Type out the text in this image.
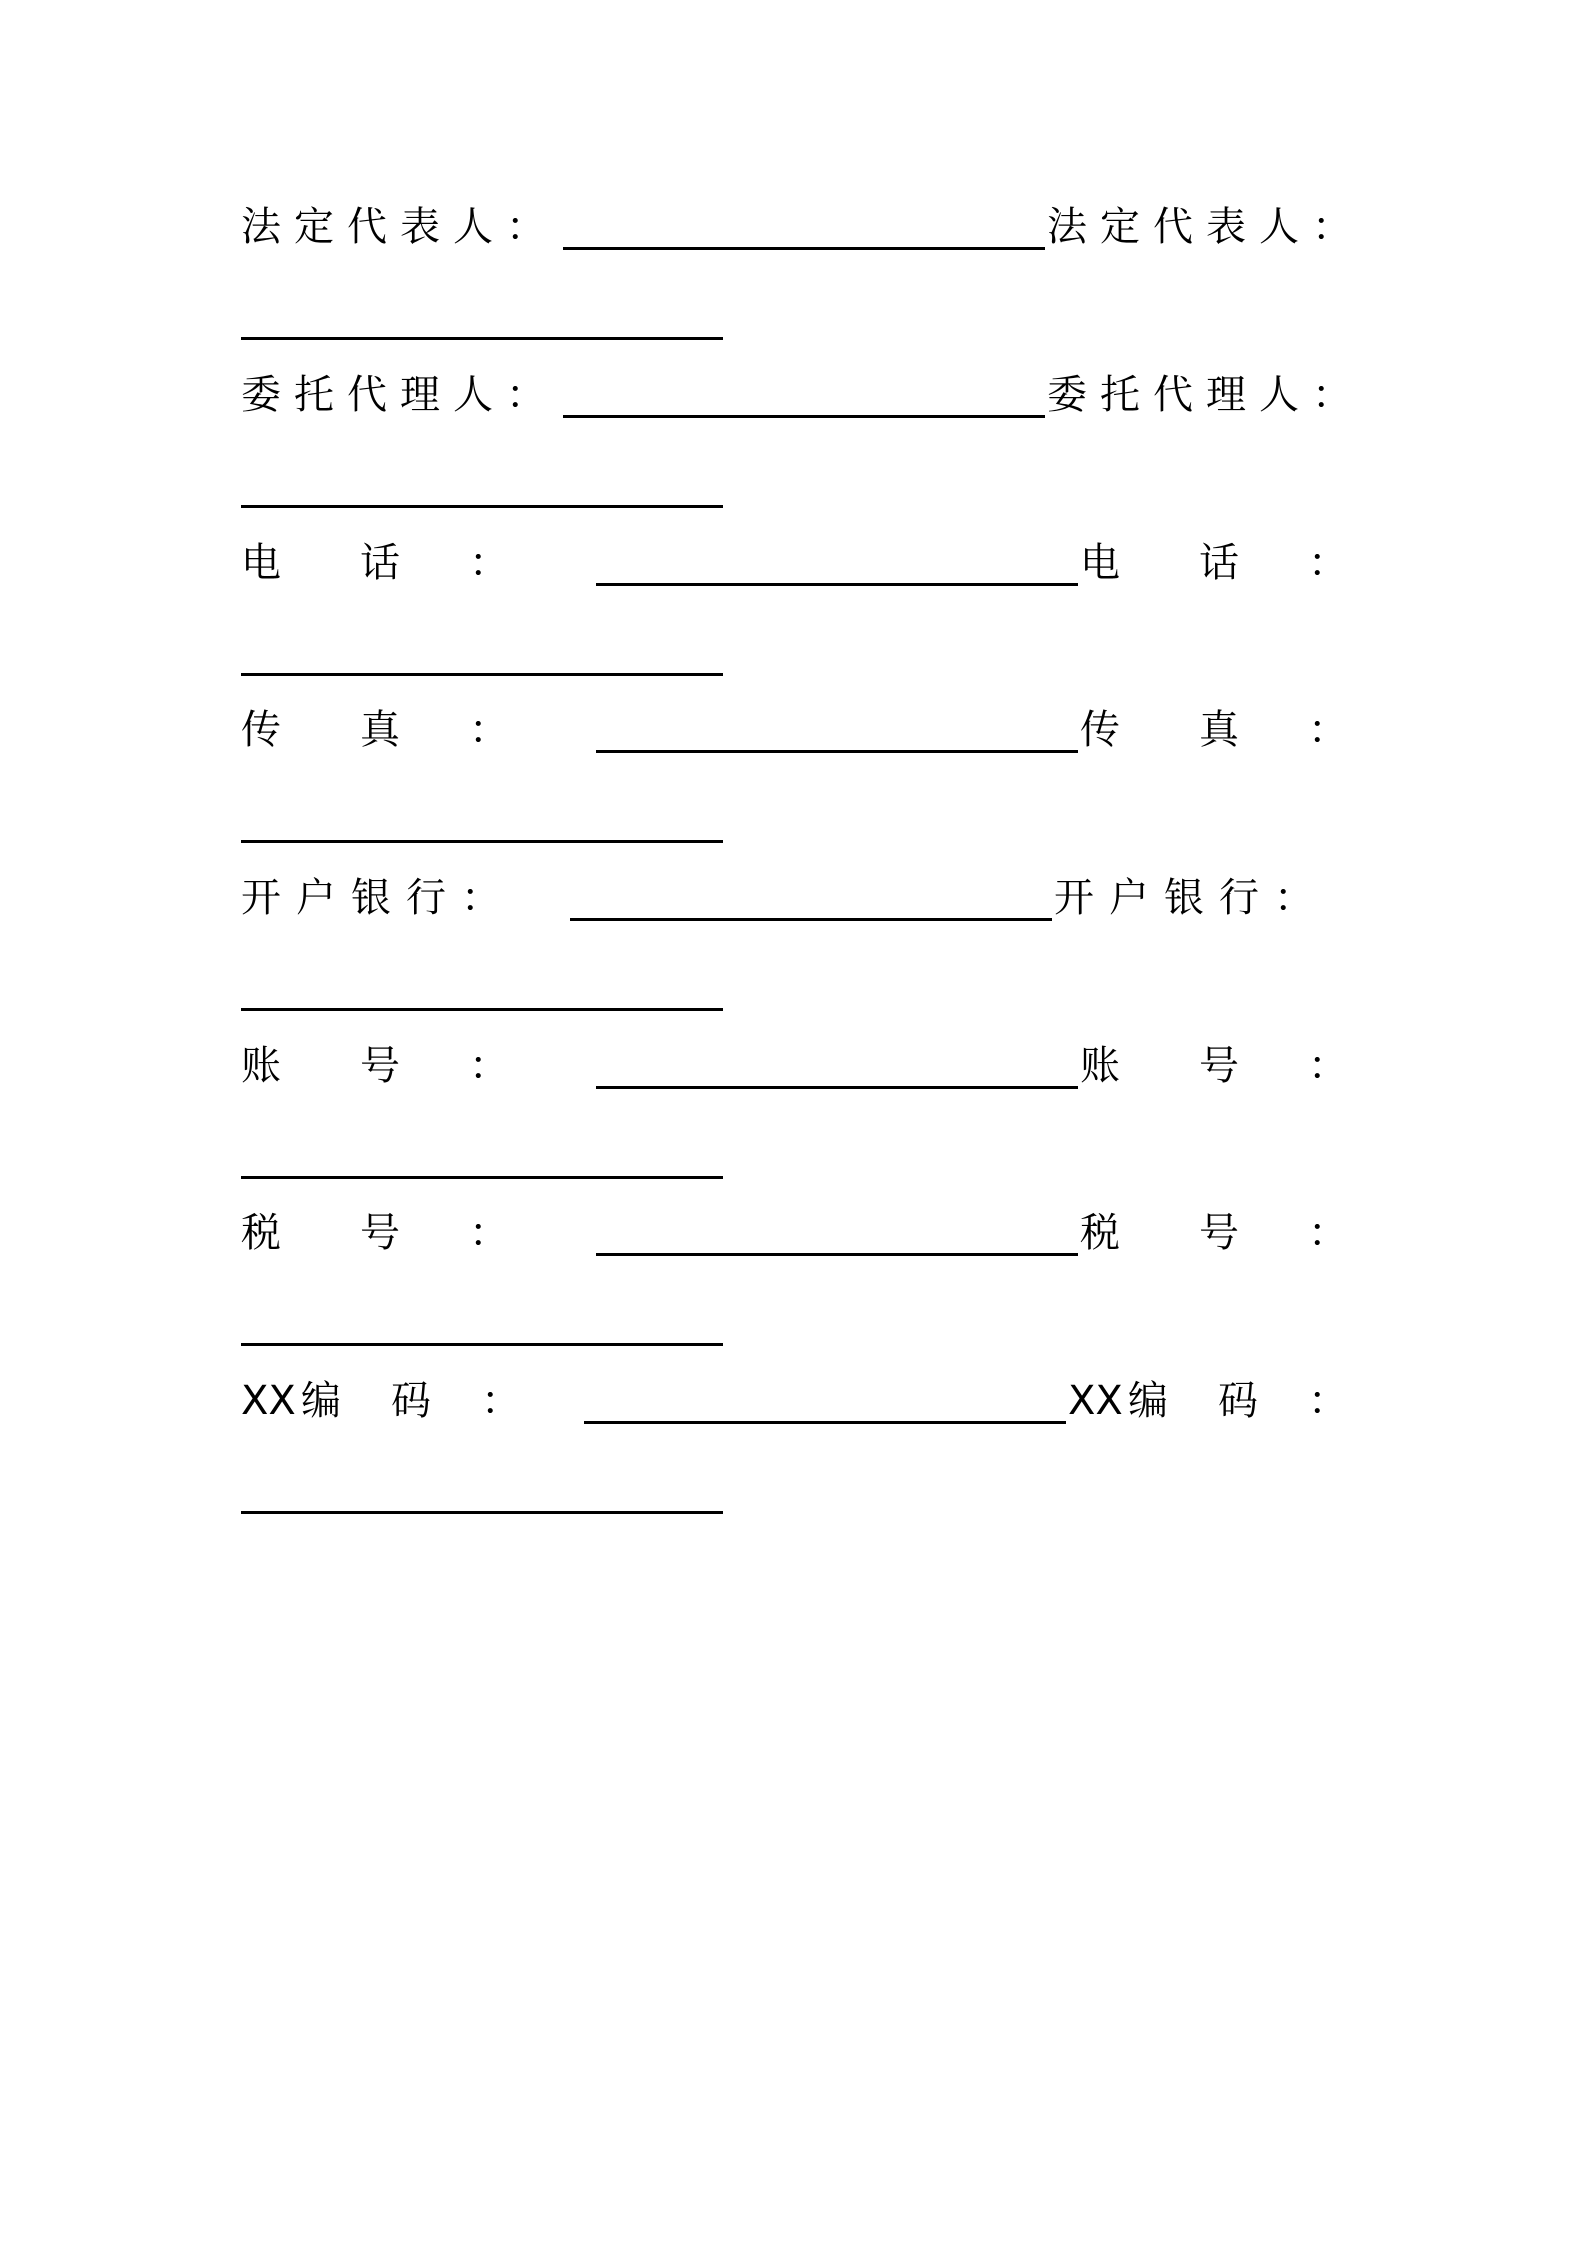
法 定 代 表 人 ：	法 定 代 表 人 ：
委 托 代 理 人 ：	委 托 代 理 人 ：
电 话 ：	电 话 ：
传 真 ：	传 真 ：
开 户 银 行 ：	开 户 银 行 ：
账 号 ：	账 号 ：
税 号 ：	税 号 ：
XX 编 码 ：	XX 编 码 ：
